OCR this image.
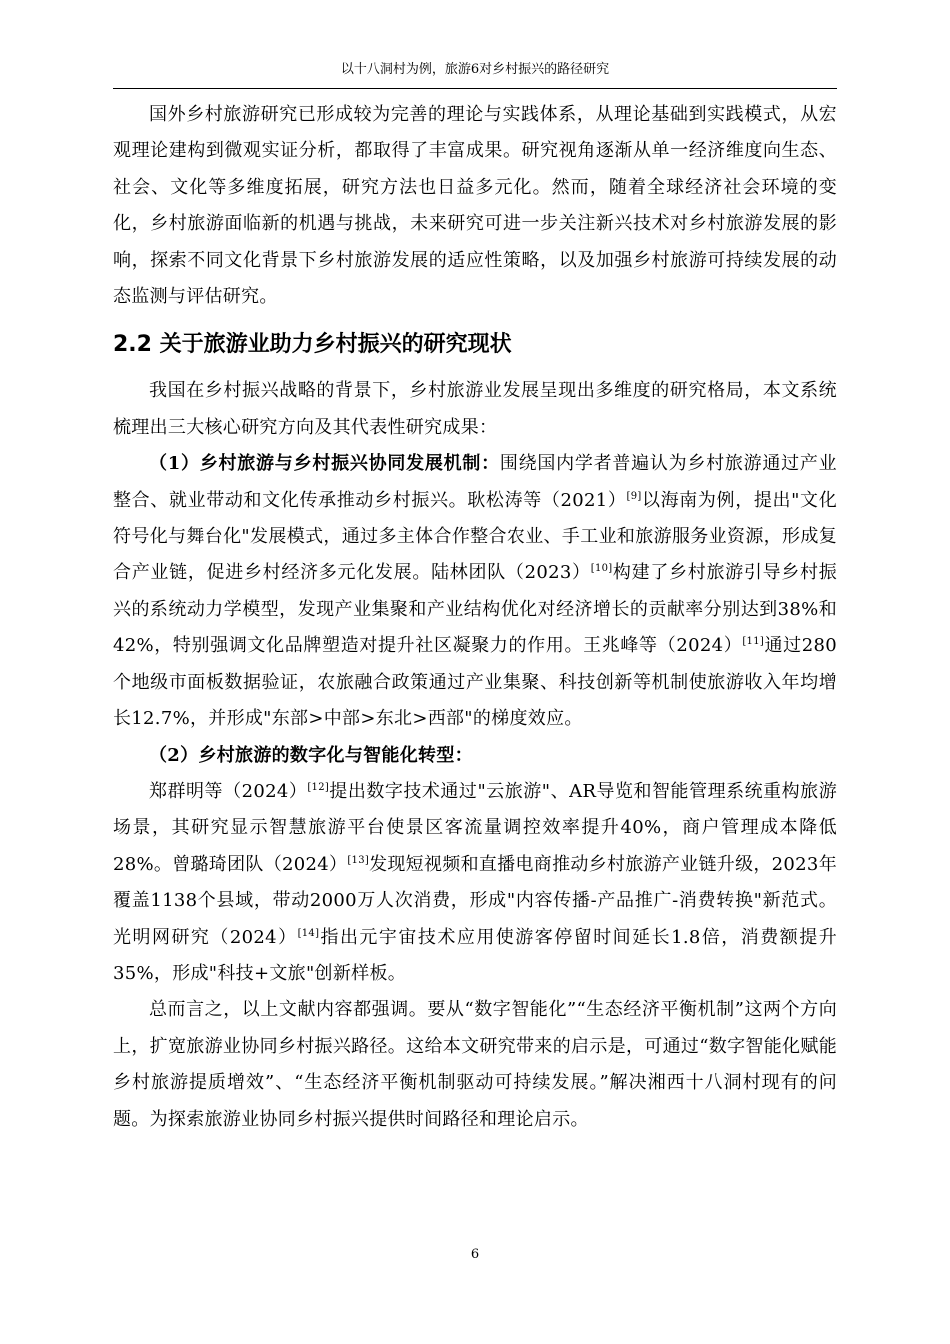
以十八洞村为例，旅游6对乡村振兴的路径研究

国外乡村旅游研究已形成较为完善的理论与实践体系，从理论基础到实践模式，从宏观理论建构到微观实证分析，都取得了丰富成果。研究视角逐渐从单一经济维度向生态、社会、文化等多维度拓展，研究方法也日益多元化。然而，随着全球经济社会环境的变化，乡村旅游面临新的机遇与挑战，未来研究可进一步关注新兴技术对乡村旅游发展的影响，探索不同文化背景下乡村旅游发展的适应性策略，以及加强乡村旅游可持续发展的动态监测与评估研究。

2.2 关于旅游业助力乡村振兴的研究现状

我国在乡村振兴战略的背景下，乡村旅游业发展呈现出多维度的研究格局，本文系统梳理出三大核心研究方向及其代表性研究成果：

（1）乡村旅游与乡村振兴协同发展机制：围绕国内学者普遍认为乡村旅游通过产业整合、就业带动和文化传承推动乡村振兴。耿松涛等（2021）[9]以海南为例，提出"文化符号化与舞台化"发展模式，通过多主体合作整合农业、手工业和旅游服务业资源，形成复合产业链，促进乡村经济多元化发展。陆林团队（2023）[10]构建了乡村旅游引导乡村振兴的系统动力学模型，发现产业集聚和产业结构优化对经济增长的贡献率分别达到38%和42%，特别强调文化品牌塑造对提升社区凝聚力的作用。王兆峰等（2024）[11]通过280个地级市面板数据验证，农旅融合政策通过产业集聚、科技创新等机制使旅游收入年均增长12.7%，并形成"东部>中部>东北>西部"的梯度效应。

（2）乡村旅游的数字化与智能化转型：

郑群明等（2024）[12]提出数字技术通过"云旅游"、AR导览和智能管理系统重构旅游场景，其研究显示智慧旅游平台使景区客流量调控效率提升40%，商户管理成本降低28%。曾璐琦团队（2024）[13]发现短视频和直播电商推动乡村旅游产业链升级，2023年覆盖1138个县域，带动2000万人次消费，形成"内容传播-产品推广-消费转换"新范式。光明网研究（2024）[14]指出元宇宙技术应用使游客停留时间延长1.8倍，消费额提升35%，形成"科技+文旅"创新样板。

总而言之，以上文献内容都强调。要从“数字智能化”“生态经济平衡机制”这两个方向上，扩宽旅游业协同乡村振兴路径。这给本文研究带来的启示是，可通过“数字智能化赋能乡村旅游提质增效”、“生态经济平衡机制驱动可持续发展。”解决湘西十八洞村现有的问题。为探索旅游业协同乡村振兴提供时间路径和理论启示。

6
